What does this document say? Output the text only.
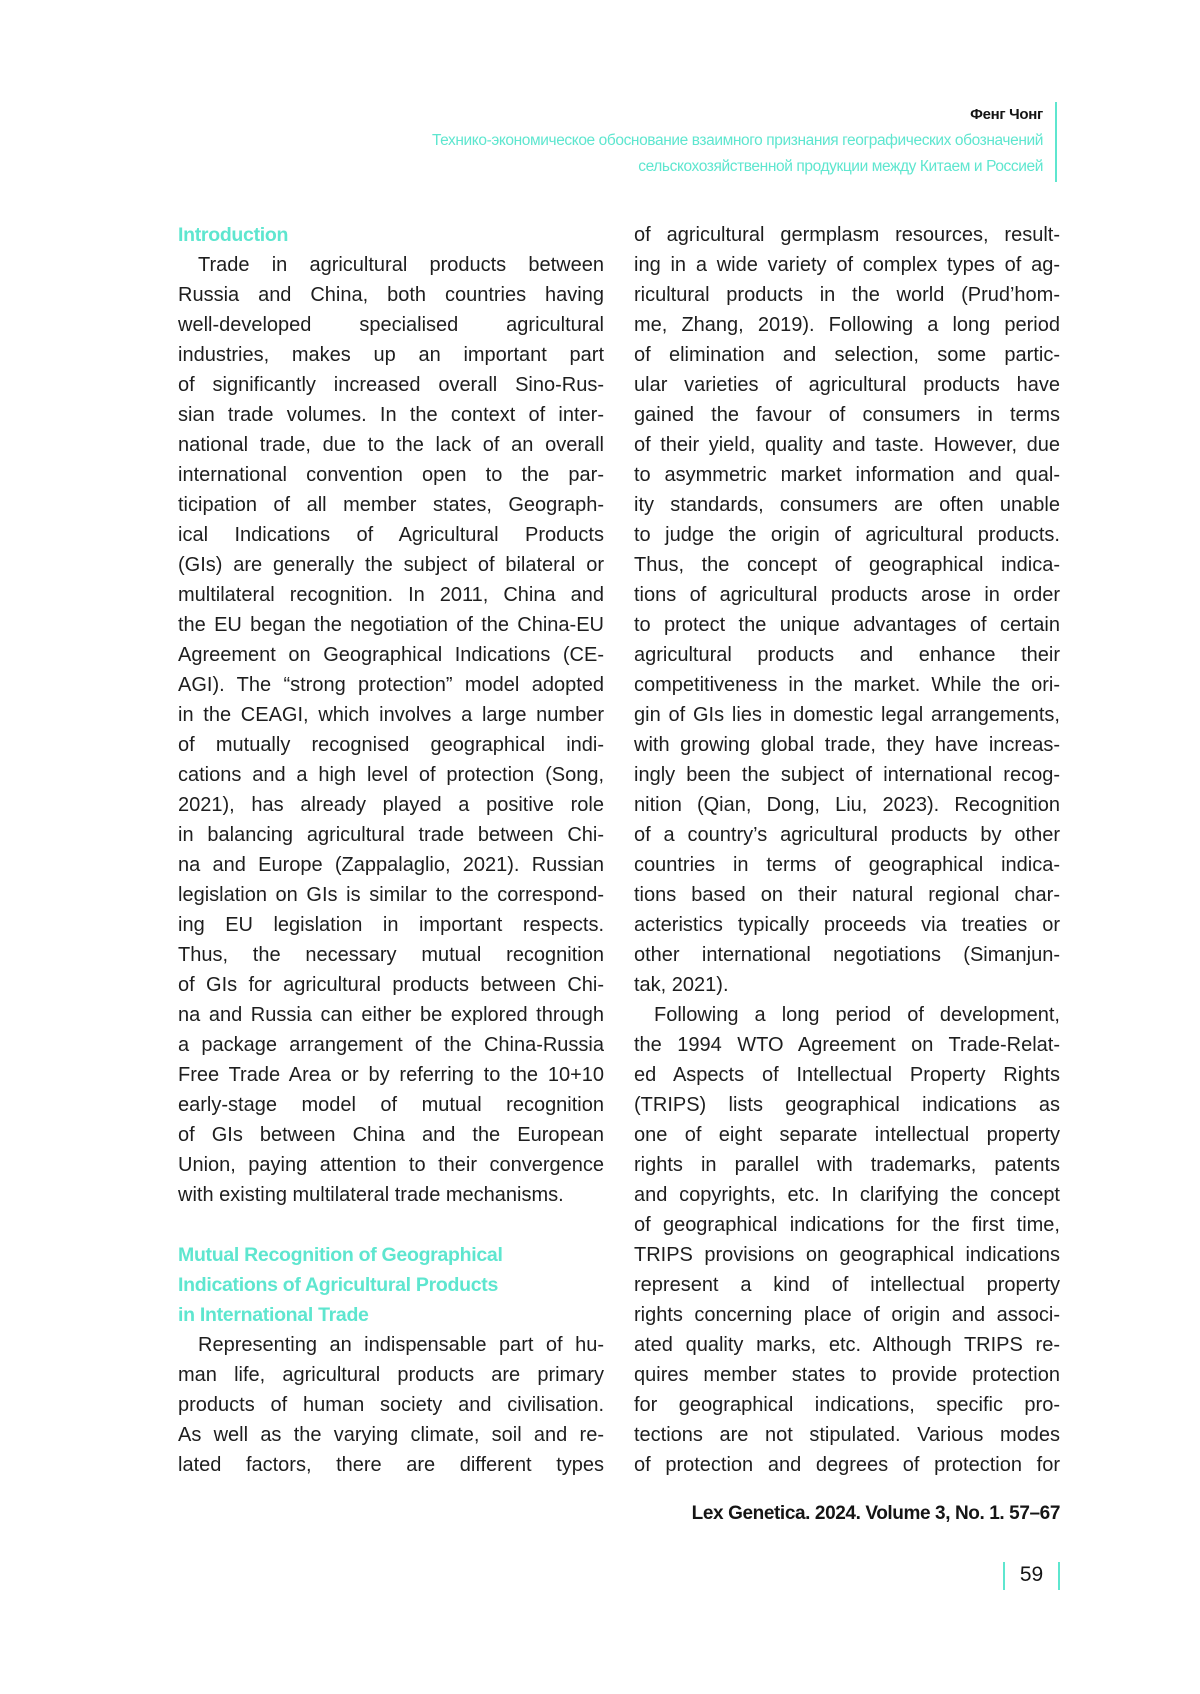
Фенг Чонг
Технико-экономическое обоснование взаимного признания географических обозначений
сельскохозяйственной продукции между Китаем и Россией
Introduction
Trade in agricultural products between
Russia and China, both countries having
well-developed specialised agricultural
industries, makes up an important part
of significantly increased overall Sino-Rus-
sian trade volumes. In the context of inter-
national trade, due to the lack of an overall
international convention open to the par-
ticipation of all member states, Geograph-
ical Indications of Agricultural Products
(GIs) are generally the subject of bilateral or
multilateral recognition. In 2011, China and
the EU began the negotiation of the China-EU
Agreement on Geographical Indications (CE-
AGI). The “strong protection” model adopted
in the CEAGI, which involves a large number
of mutually recognised geographical indi-
cations and a high level of protection (Song,
2021), has already played a positive role
in balancing agricultural trade between Chi-
na and Europe (Zappalaglio, 2021). Russian
legislation on GIs is similar to the correspond-
ing EU legislation in important respects.
Thus, the necessary mutual recognition
of GIs for agricultural products between Chi-
na and Russia can either be explored through
a package arrangement of the China-Russia
Free Trade Area or by referring to the 10+10
early-stage model of mutual recognition
of GIs between China and the European
Union, paying attention to their convergence
with existing multilateral trade mechanisms.
Mutual Recognition of Geographical
Indications of Agricultural Products
in International Trade
Representing an indispensable part of hu-
man life, agricultural products are primary
products of human society and civilisation.
As well as the varying climate, soil and re-
lated factors, there are different types
of agricultural germplasm resources, result-
ing in a wide variety of complex types of ag-
ricultural products in the world (Prud’hom-
me, Zhang, 2019). Following a long period
of elimination and selection, some partic-
ular varieties of agricultural products have
gained the favour of consumers in terms
of their yield, quality and taste. However, due
to asymmetric market information and qual-
ity standards, consumers are often unable
to judge the origin of agricultural products.
Thus, the concept of geographical indica-
tions of agricultural products arose in order
to protect the unique advantages of certain
agricultural products and enhance their
competitiveness in the market. While the ori-
gin of GIs lies in domestic legal arrangements,
with growing global trade, they have increas-
ingly been the subject of international recog-
nition (Qian, Dong, Liu, 2023). Recognition
of a country’s agricultural products by other
countries in terms of geographical indica-
tions based on their natural regional char-
acteristics typically proceeds via treaties or
other international negotiations (Simanjun-
tak, 2021).
Following a long period of development,
the 1994 WTO Agreement on Trade-Relat-
ed Aspects of Intellectual Property Rights
(TRIPS) lists geographical indications as
one of eight separate intellectual property
rights in parallel with trademarks, patents
and copyrights, etc. In clarifying the concept
of geographical indications for the first time,
TRIPS provisions on geographical indications
represent a kind of intellectual property
rights concerning place of origin and associ-
ated quality marks, etc. Although TRIPS re-
quires member states to provide protection
for geographical indications, specific pro-
tections are not stipulated. Various modes
of protection and degrees of protection for
Lex Genetica. 2024. Volume 3, No. 1. 57–67
59
